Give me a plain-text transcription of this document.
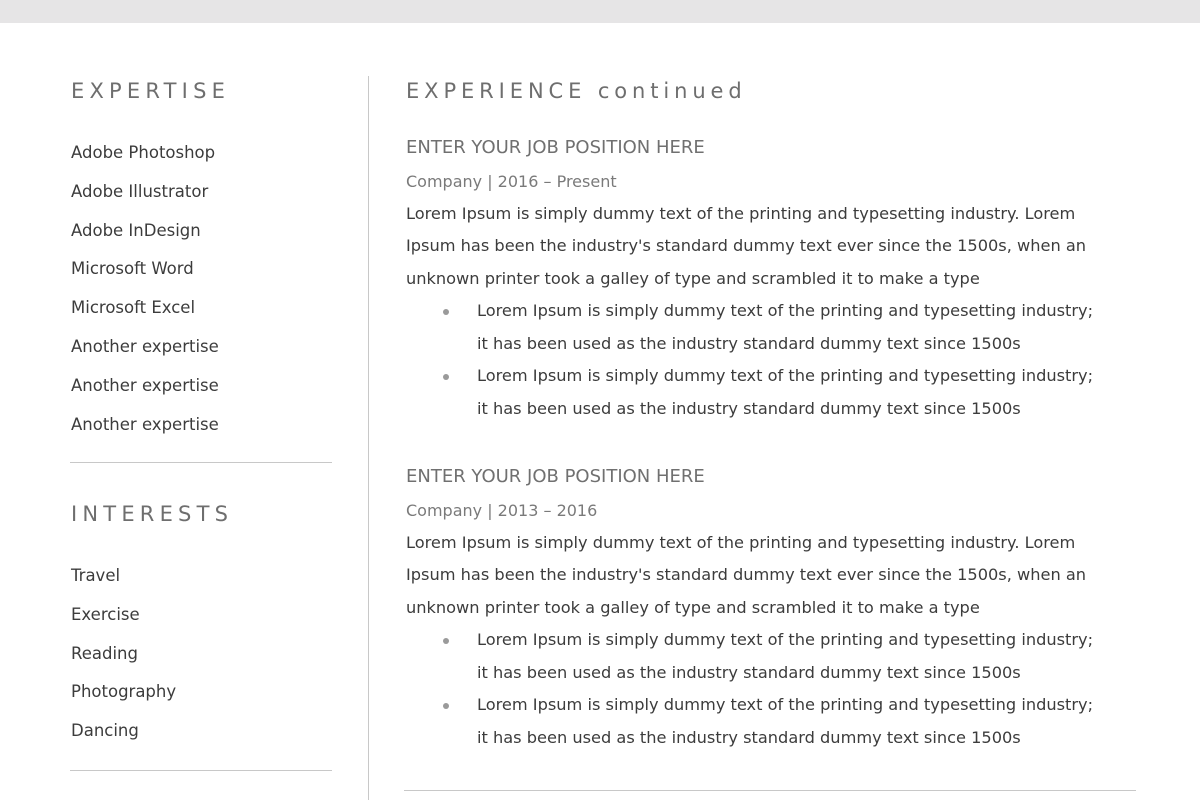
EXPERTISE
Adobe Photoshop
Adobe Illustrator
Adobe InDesign
Microsoft Word
Microsoft Excel
Another expertise
Another expertise
Another expertise
INTERESTS
Travel
Exercise
Reading
Photography
Dancing
EXPERIENCE continued
ENTER YOUR JOB POSITION HERE
Company | 2016 – Present
Lorem Ipsum is simply dummy text of the printing and typesetting industry. Lorem
Ipsum has been the industry's standard dummy text ever since the 1500s, when an
unknown printer took a galley of type and scrambled it to make a type
Lorem Ipsum is simply dummy text of the printing and typesetting industry;
it has been used as the industry standard dummy text since 1500s
Lorem Ipsum is simply dummy text of the printing and typesetting industry;
it has been used as the industry standard dummy text since 1500s
ENTER YOUR JOB POSITION HERE
Company | 2013 – 2016
Lorem Ipsum is simply dummy text of the printing and typesetting industry. Lorem
Ipsum has been the industry's standard dummy text ever since the 1500s, when an
unknown printer took a galley of type and scrambled it to make a type
Lorem Ipsum is simply dummy text of the printing and typesetting industry;
it has been used as the industry standard dummy text since 1500s
Lorem Ipsum is simply dummy text of the printing and typesetting industry;
it has been used as the industry standard dummy text since 1500s
